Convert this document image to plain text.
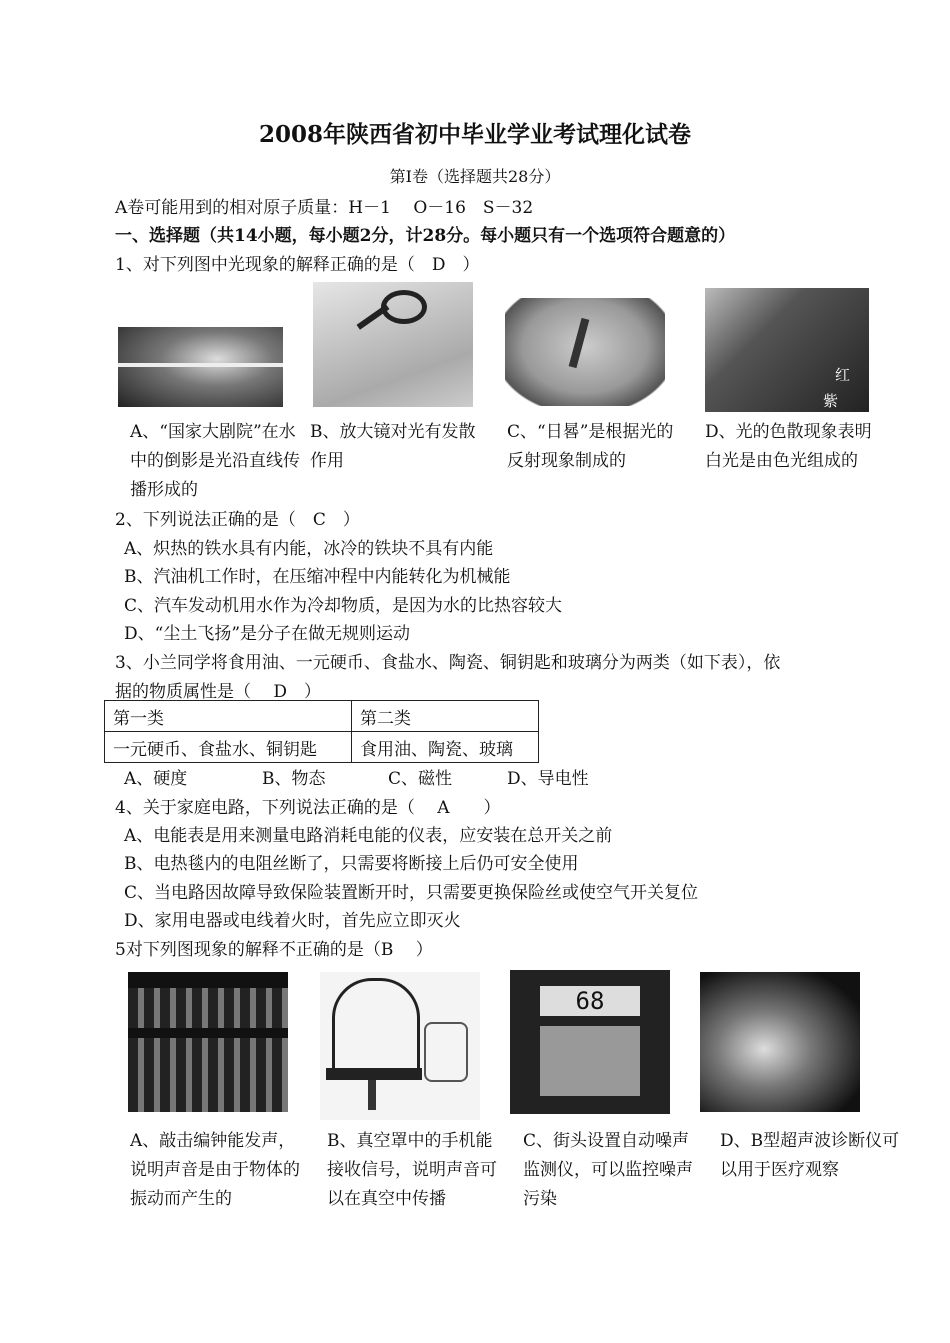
2008年陕西省初中毕业学业考试理化试卷
第I卷（选择题共28分）
A卷可能用到的相对原子质量：H－1　 O－16　S－32
一、选择题（共14小题，每小题2分，计28分。每小题只有一个选项符合题意的）
1、对下列图中光现象的解释正确的是（　D　）
红
紫
A、“国家大剧院”在水中的倒影是光沿直线传播形成的
B、放大镜对光有发散作用
C、“日晷”是根据光的反射现象制成的
D、光的色散现象表明白光是由色光组成的
2、下列说法正确的是（　C　）
A、炽热的铁水具有内能，冰冷的铁块不具有内能
B、汽油机工作时，在压缩冲程中内能转化为机械能
C、汽车发动机用水作为冷却物质，是因为水的比热容较大
D、“尘土飞扬”是分子在做无规则运动
3、小兰同学将食用油、一元硬币、食盐水、陶瓷、铜钥匙和玻璃分为两类（如下表），依
据的物质属性是（　 D　）
第一类	第二类
一元硬币、食盐水、铜钥匙	食用油、陶瓷、玻璃
A、硬度	B、物态	C、磁性	D、导电性
4、关于家庭电路，下列说法正确的是（　 A　　）
A、电能表是用来测量电路消耗电能的仪表，应安装在总开关之前
B、电热毯内的电阻丝断了，只需要将断接上后仍可安全使用
C、当电路因故障导致保险装置断开时，只需要更换保险丝或使空气开关复位
D、家用电器或电线着火时，首先应立即灭火
5对下列图现象的解释不正确的是（B　 ）
68
A、敲击编钟能发声，说明声音是由于物体的振动而产生的
B、真空罩中的手机能接收信号，说明声音可以在真空中传播
C、街头设置自动噪声监测仪，可以监控噪声污染
D、B型超声波诊断仪可以用于医疗观察
